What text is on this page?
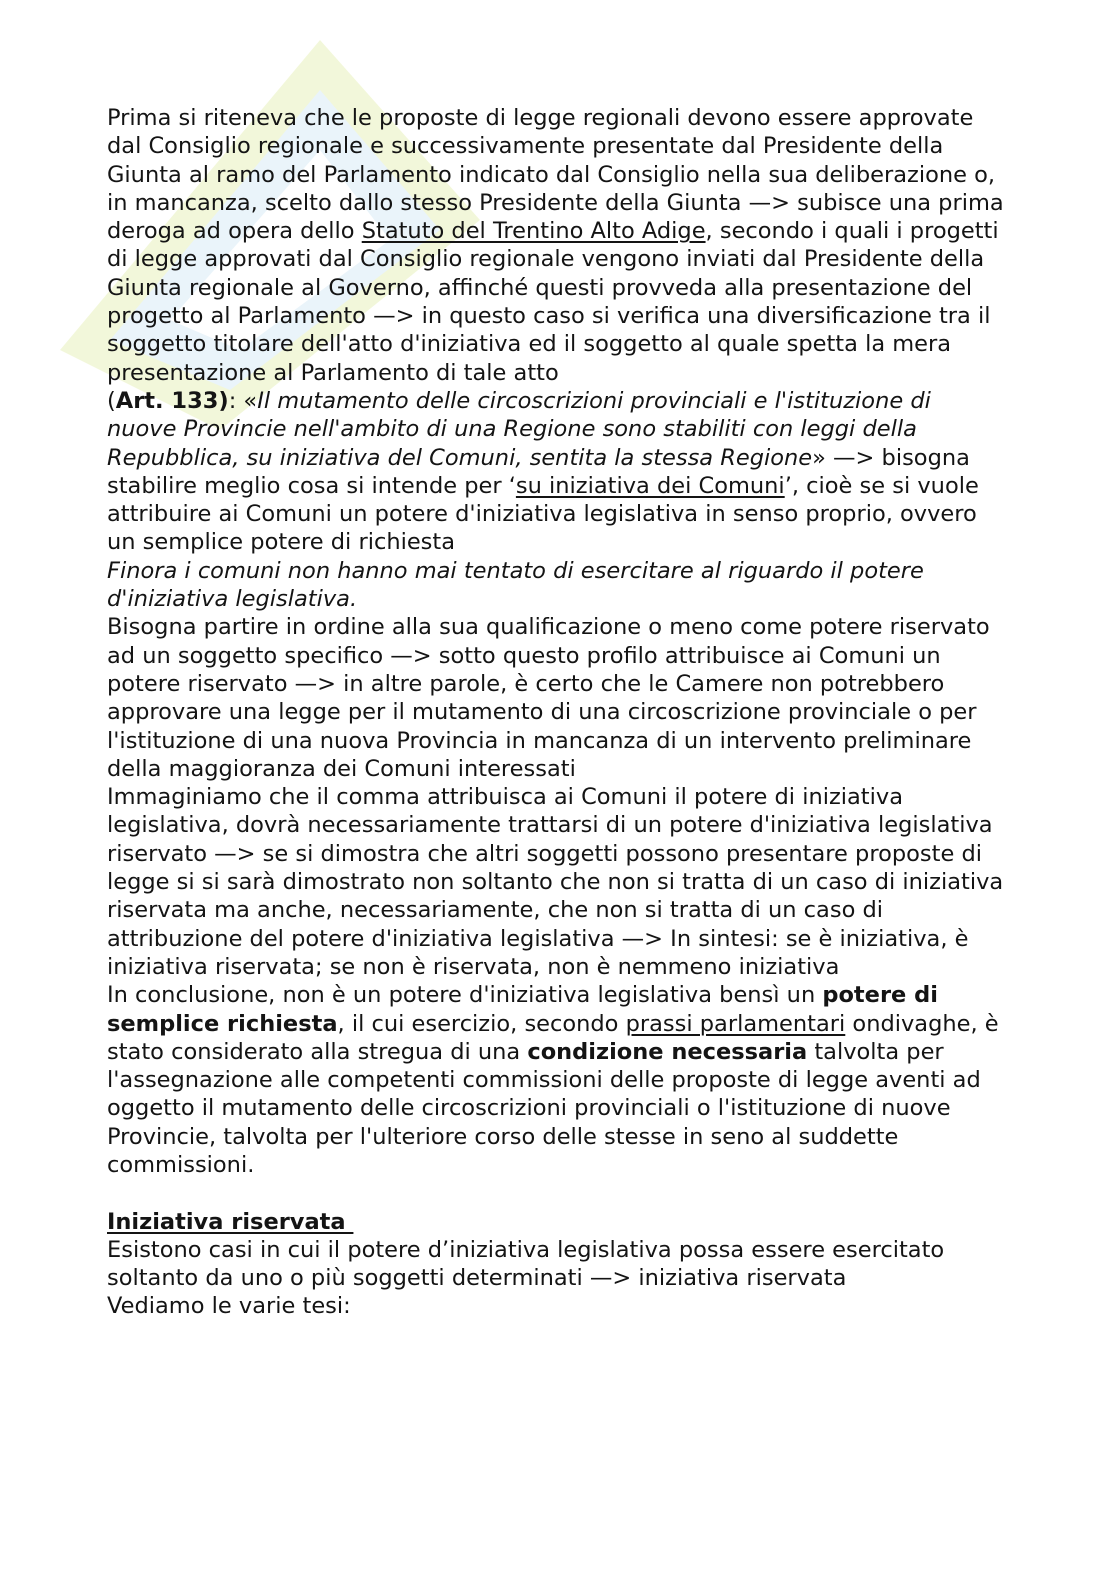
Prima si riteneva che le proposte di legge regionali devono essere approvate dal Consiglio regionale e successivamente presentate dal Presidente della Giunta al ramo del Parlamento indicato dal Consiglio nella sua deliberazione o, in mancanza, scelto dallo stesso Presidente della Giunta —> subisce una prima deroga ad opera dello Statuto del Trentino Alto Adige, secondo i quali i progetti di legge approvati dal Consiglio regionale vengono inviati dal Presidente della Giunta regionale al Governo, affinché questi provveda alla presentazione del progetto al Parlamento —> in questo caso si verifica una diversificazione tra il soggetto titolare dell'atto d'iniziativa ed il soggetto al quale spetta la mera presentazione al Parlamento di tale atto

(Art. 133): «Il mutamento delle circoscrizioni provinciali e l'istituzione di nuove Provincie nell'ambito di una Regione sono stabiliti con leggi della Repubblica, su iniziativa del Comuni, sentita la stessa Regione» —> bisogna stabilire meglio cosa si intende per ‘su iniziativa dei Comuni’, cioè se si vuole attribuire ai Comuni un potere d'iniziativa legislativa in senso proprio, ovvero un semplice potere di richiesta

Finora i comuni non hanno mai tentato di esercitare al riguardo il potere d'iniziativa legislativa.

Bisogna partire in ordine alla sua qualificazione o meno come potere riservato ad un soggetto specifico —> sotto questo profilo attribuisce ai Comuni un potere riservato —> in altre parole, è certo che le Camere non potrebbero approvare una legge per il mutamento di una circoscrizione provinciale o per l'istituzione di una nuova Provincia in mancanza di un intervento preliminare della maggioranza dei Comuni interessati

Immaginiamo che il comma attribuisca ai Comuni il potere di iniziativa legislativa, dovrà necessariamente trattarsi di un potere d'iniziativa legislativa riservato —> se si dimostra che altri soggetti possono presentare proposte di legge si si sarà dimostrato non soltanto che non si tratta di un caso di iniziativa riservata ma anche, necessariamente, che non si tratta di un caso di attribuzione del potere d'iniziativa legislativa —> In sintesi: se è iniziativa, è iniziativa riservata; se non è riservata, non è nemmeno iniziativa

In conclusione, non è un potere d'iniziativa legislativa bensì un potere di semplice richiesta, il cui esercizio, secondo prassi parlamentari ondivaghe, è stato considerato alla stregua di una condizione necessaria talvolta per l'assegnazione alle competenti commissioni delle proposte di legge aventi ad oggetto il mutamento delle circoscrizioni provinciali o l'istituzione di nuove Provincie, talvolta per l'ulteriore corso delle stesse in seno al suddette commissioni.

Iniziativa riservata

Esistono casi in cui il potere d’iniziativa legislativa possa essere esercitato soltanto da uno o più soggetti determinati —> iniziativa riservata

Vediamo le varie tesi:
